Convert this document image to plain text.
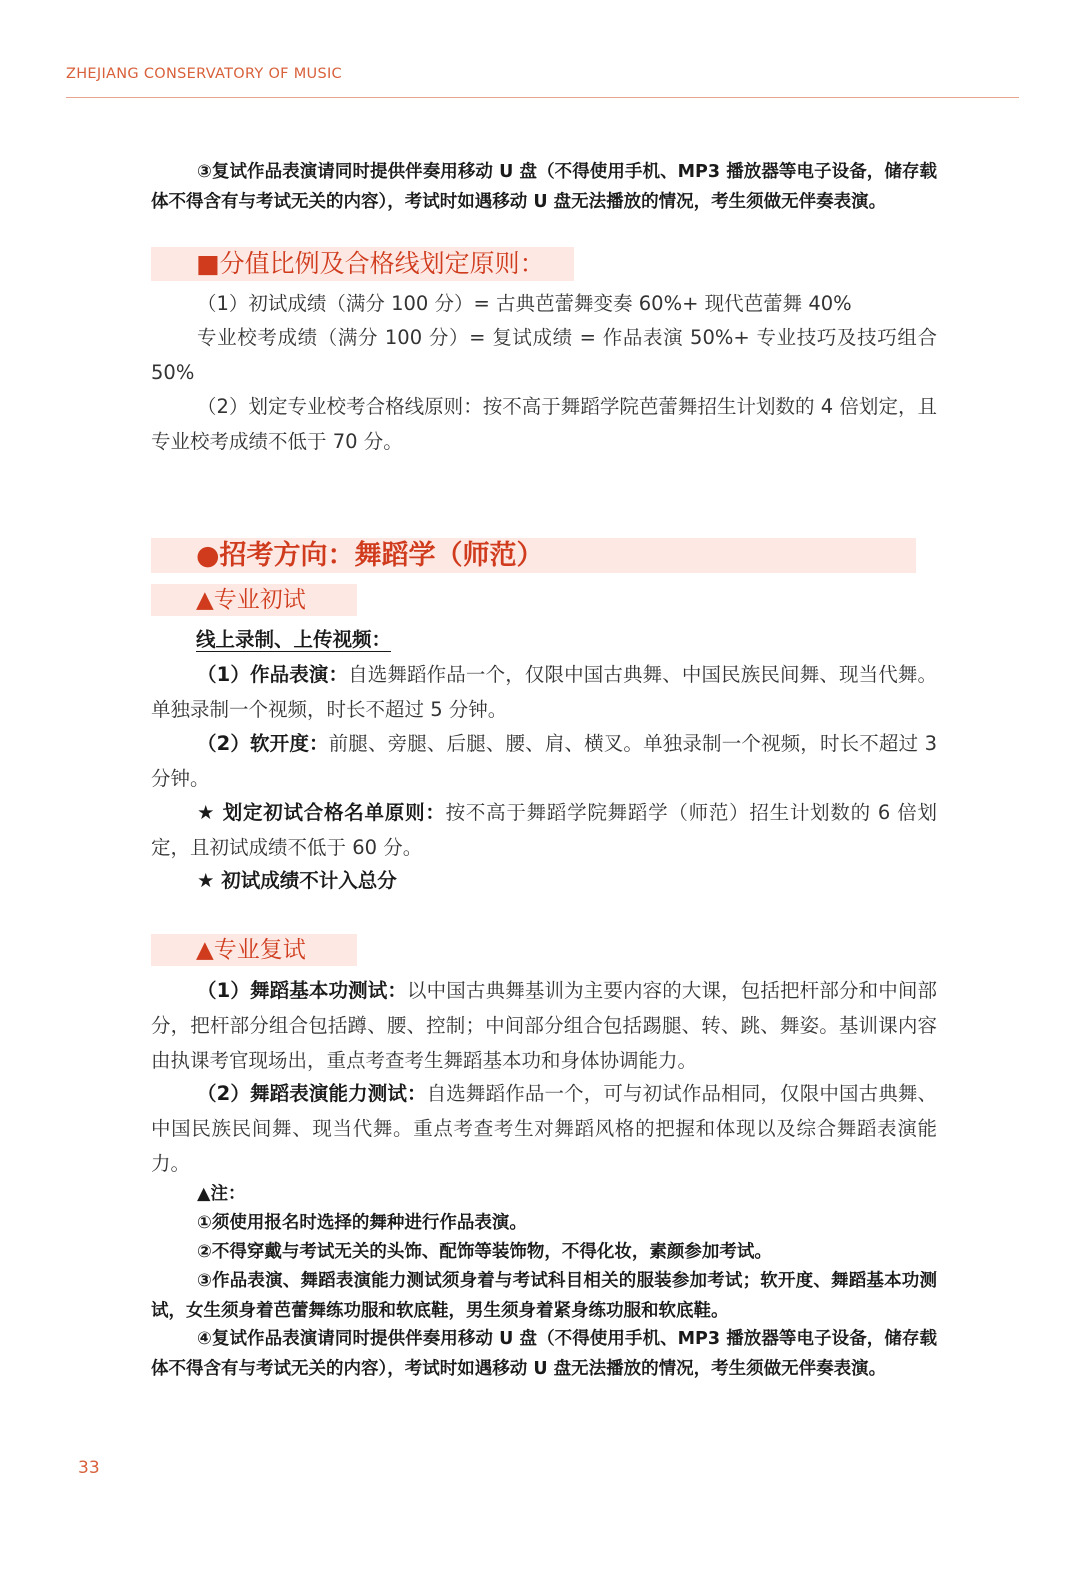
ZHEJIANG CONSERVATORY OF MUSIC

③复试作品表演请同时提供伴奏用移动 U 盘（不得使用手机、MP3 播放器等电子设备，储存载体不得含有与考试无关的内容），考试时如遇移动 U 盘无法播放的情况，考生须做无伴奏表演。

■分值比例及合格线划定原则：

（1）初试成绩（满分 100 分）= 古典芭蕾舞变奏 60%+ 现代芭蕾舞 40%

专业校考成绩（满分 100 分）= 复试成绩 = 作品表演 50%+ 专业技巧及技巧组合 50%

（2）划定专业校考合格线原则：按不高于舞蹈学院芭蕾舞招生计划数的 4 倍划定，且专业校考成绩不低于 70 分。

●招考方向：舞蹈学（师范）
▲专业初试
线上录制、上传视频：

（1）作品表演：自选舞蹈作品一个，仅限中国古典舞、中国民族民间舞、现当代舞。单独录制一个视频，时长不超过 5 分钟。

（2）软开度：前腿、旁腿、后腿、腰、肩、横叉。单独录制一个视频，时长不超过 3 分钟。

★ 划定初试合格名单原则：按不高于舞蹈学院舞蹈学（师范）招生计划数的 6 倍划定，且初试成绩不低于 60 分。

★ 初试成绩不计入总分

▲专业复试

（1）舞蹈基本功测试：以中国古典舞基训为主要内容的大课，包括把杆部分和中间部分，把杆部分组合包括蹲、腰、控制；中间部分组合包括踢腿、转、跳、舞姿。基训课内容由执课考官现场出，重点考查考生舞蹈基本功和身体协调能力。

（2）舞蹈表演能力测试：自选舞蹈作品一个，可与初试作品相同，仅限中国古典舞、中国民族民间舞、现当代舞。重点考查考生对舞蹈风格的把握和体现以及综合舞蹈表演能力。

▲注：

①须使用报名时选择的舞种进行作品表演。

②不得穿戴与考试无关的头饰、配饰等装饰物，不得化妆，素颜参加考试。

③作品表演、舞蹈表演能力测试须身着与考试科目相关的服装参加考试；软开度、舞蹈基本功测试，女生须身着芭蕾舞练功服和软底鞋，男生须身着紧身练功服和软底鞋。

④复试作品表演请同时提供伴奏用移动 U 盘（不得使用手机、MP3 播放器等电子设备，储存载体不得含有与考试无关的内容），考试时如遇移动 U 盘无法播放的情况，考生须做无伴奏表演。

33
